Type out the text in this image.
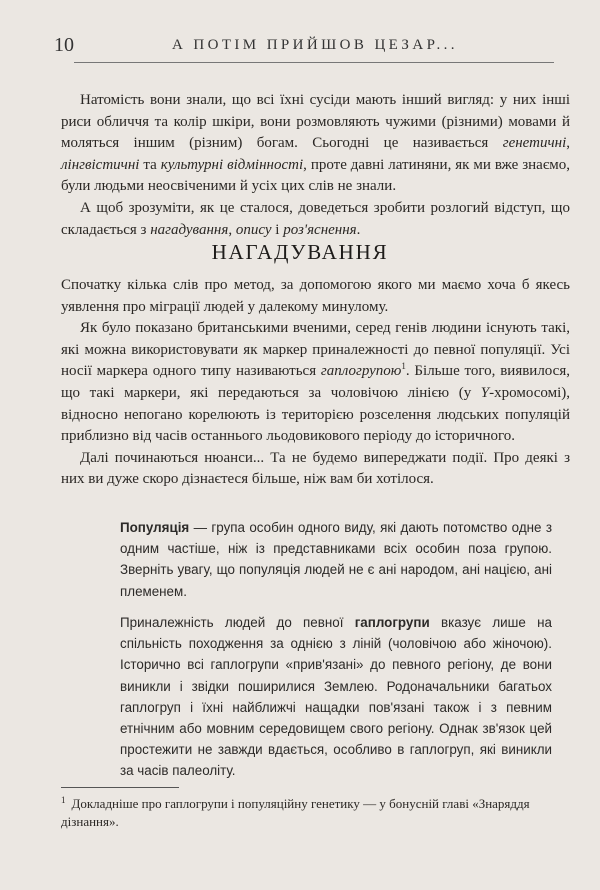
10	А ПОТІМ ПРИЙШОВ ЦЕЗАР...

Натомість вони знали, що всі їхні сусіди мають інший вигляд: у них інші риси обличчя та колір шкіри, вони розмовляють чужими (різними) мовами й моляться іншим (різним) богам. Сьогодні це називається генетичні, лінгвістичні та культурні відмінності, проте давні латиняни, як ми вже знаємо, були людьми неосвіченими й усіх цих слів не знали.

А щоб зрозуміти, як це сталося, доведеться зробити розлогий відступ, що складається з нагадування, опису і роз'яснення.

НАГАДУВАННЯ

Спочатку кілька слів про метод, за допомогою якого ми маємо хоча б якесь уявлення про міграції людей у далекому минулому.

Як було показано британськими вченими, серед генів людини існують такі, які можна використовувати як маркер приналежності до певної популяції. Усі носії маркера одного типу називаються гаплогрупою$^1$. Більше того, виявилося, що такі маркери, які передаються за чоловічою лінією (у Y-хромосомі), відносно непогано корелюють із територією розселення людських популяцій приблизно від часів останнього льодовикового періоду до історичного.

Далі починаються нюанси... Та не будемо випереджати події. Про деякі з них ви дуже скоро дізнаєтеся більше, ніж вам би хотілося.

Популяція — група особин одного виду, які дають потомство одне з одним частіше, ніж із представниками всіх особин поза групою. Зверніть увагу, що популяція людей не є ані народом, ані нацією, ані племенем.

Приналежність людей до певної гаплогрупи вказує лише на спільність походження за однією з ліній (чоловічою або жіночою). Історично всі гаплогрупи «прив'язані» до певного регіону, де вони виникли і звідки поширилися Землею. Родоначальники багатьох гаплогруп і їхні найближчі нащадки пов'язані також і з певним етнічним або мовним середовищем свого регіону. Однак зв'язок цей простежити не завжди вдається, особливо в гаплогруп, які виникли за часів палеоліту.

$^1$ Докладніше про гаплогрупи і популяційну генетику — у бонусній главі «Знаряддя дізнання».
